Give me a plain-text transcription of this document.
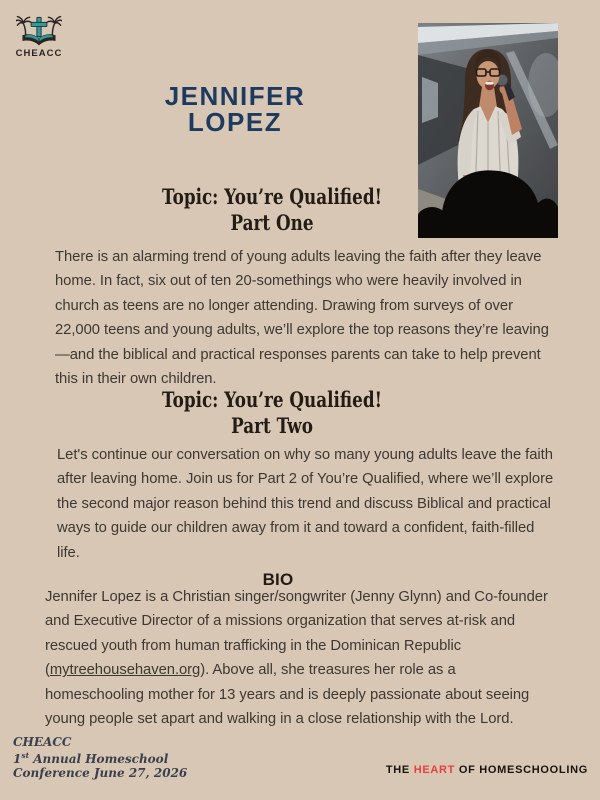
CHEACC
JENNIFER
LOPEZ
Topic: You’re Qualified!
Part One

There is an alarming trend of young adults leaving the faith after they leave home. In fact, six out of ten 20-somethings who were heavily involved in church as teens are no longer attending. Drawing from surveys of over 22,000 teens and young adults, we’ll explore the top reasons they’re leaving—and the biblical and practical responses parents can take to help prevent this in their own children.

Topic: You’re Qualified!
Part Two

Let's continue our conversation on why so many young adults leave the faith after leaving home. Join us for Part 2 of You’re Qualified, where we’ll explore the second major reason behind this trend and discuss Biblical and practical ways to guide our children away from it and toward a confident, faith-filled life.

BIO

Jennifer Lopez is a Christian singer/songwriter (Jenny Glynn) and Co-founder and Executive Director of a missions organization that serves at-risk and rescued youth from human trafficking in the Dominican Republic (mytreehousehaven.org). Above all, she treasures her role as a homeschooling mother for 13 years and is deeply passionate about seeing young people set apart and walking in a close relationship with the Lord.

CHEACC
1st Annual Homeschool
Conference June 27, 2026	THE HEART OF HOMESCHOOLING
